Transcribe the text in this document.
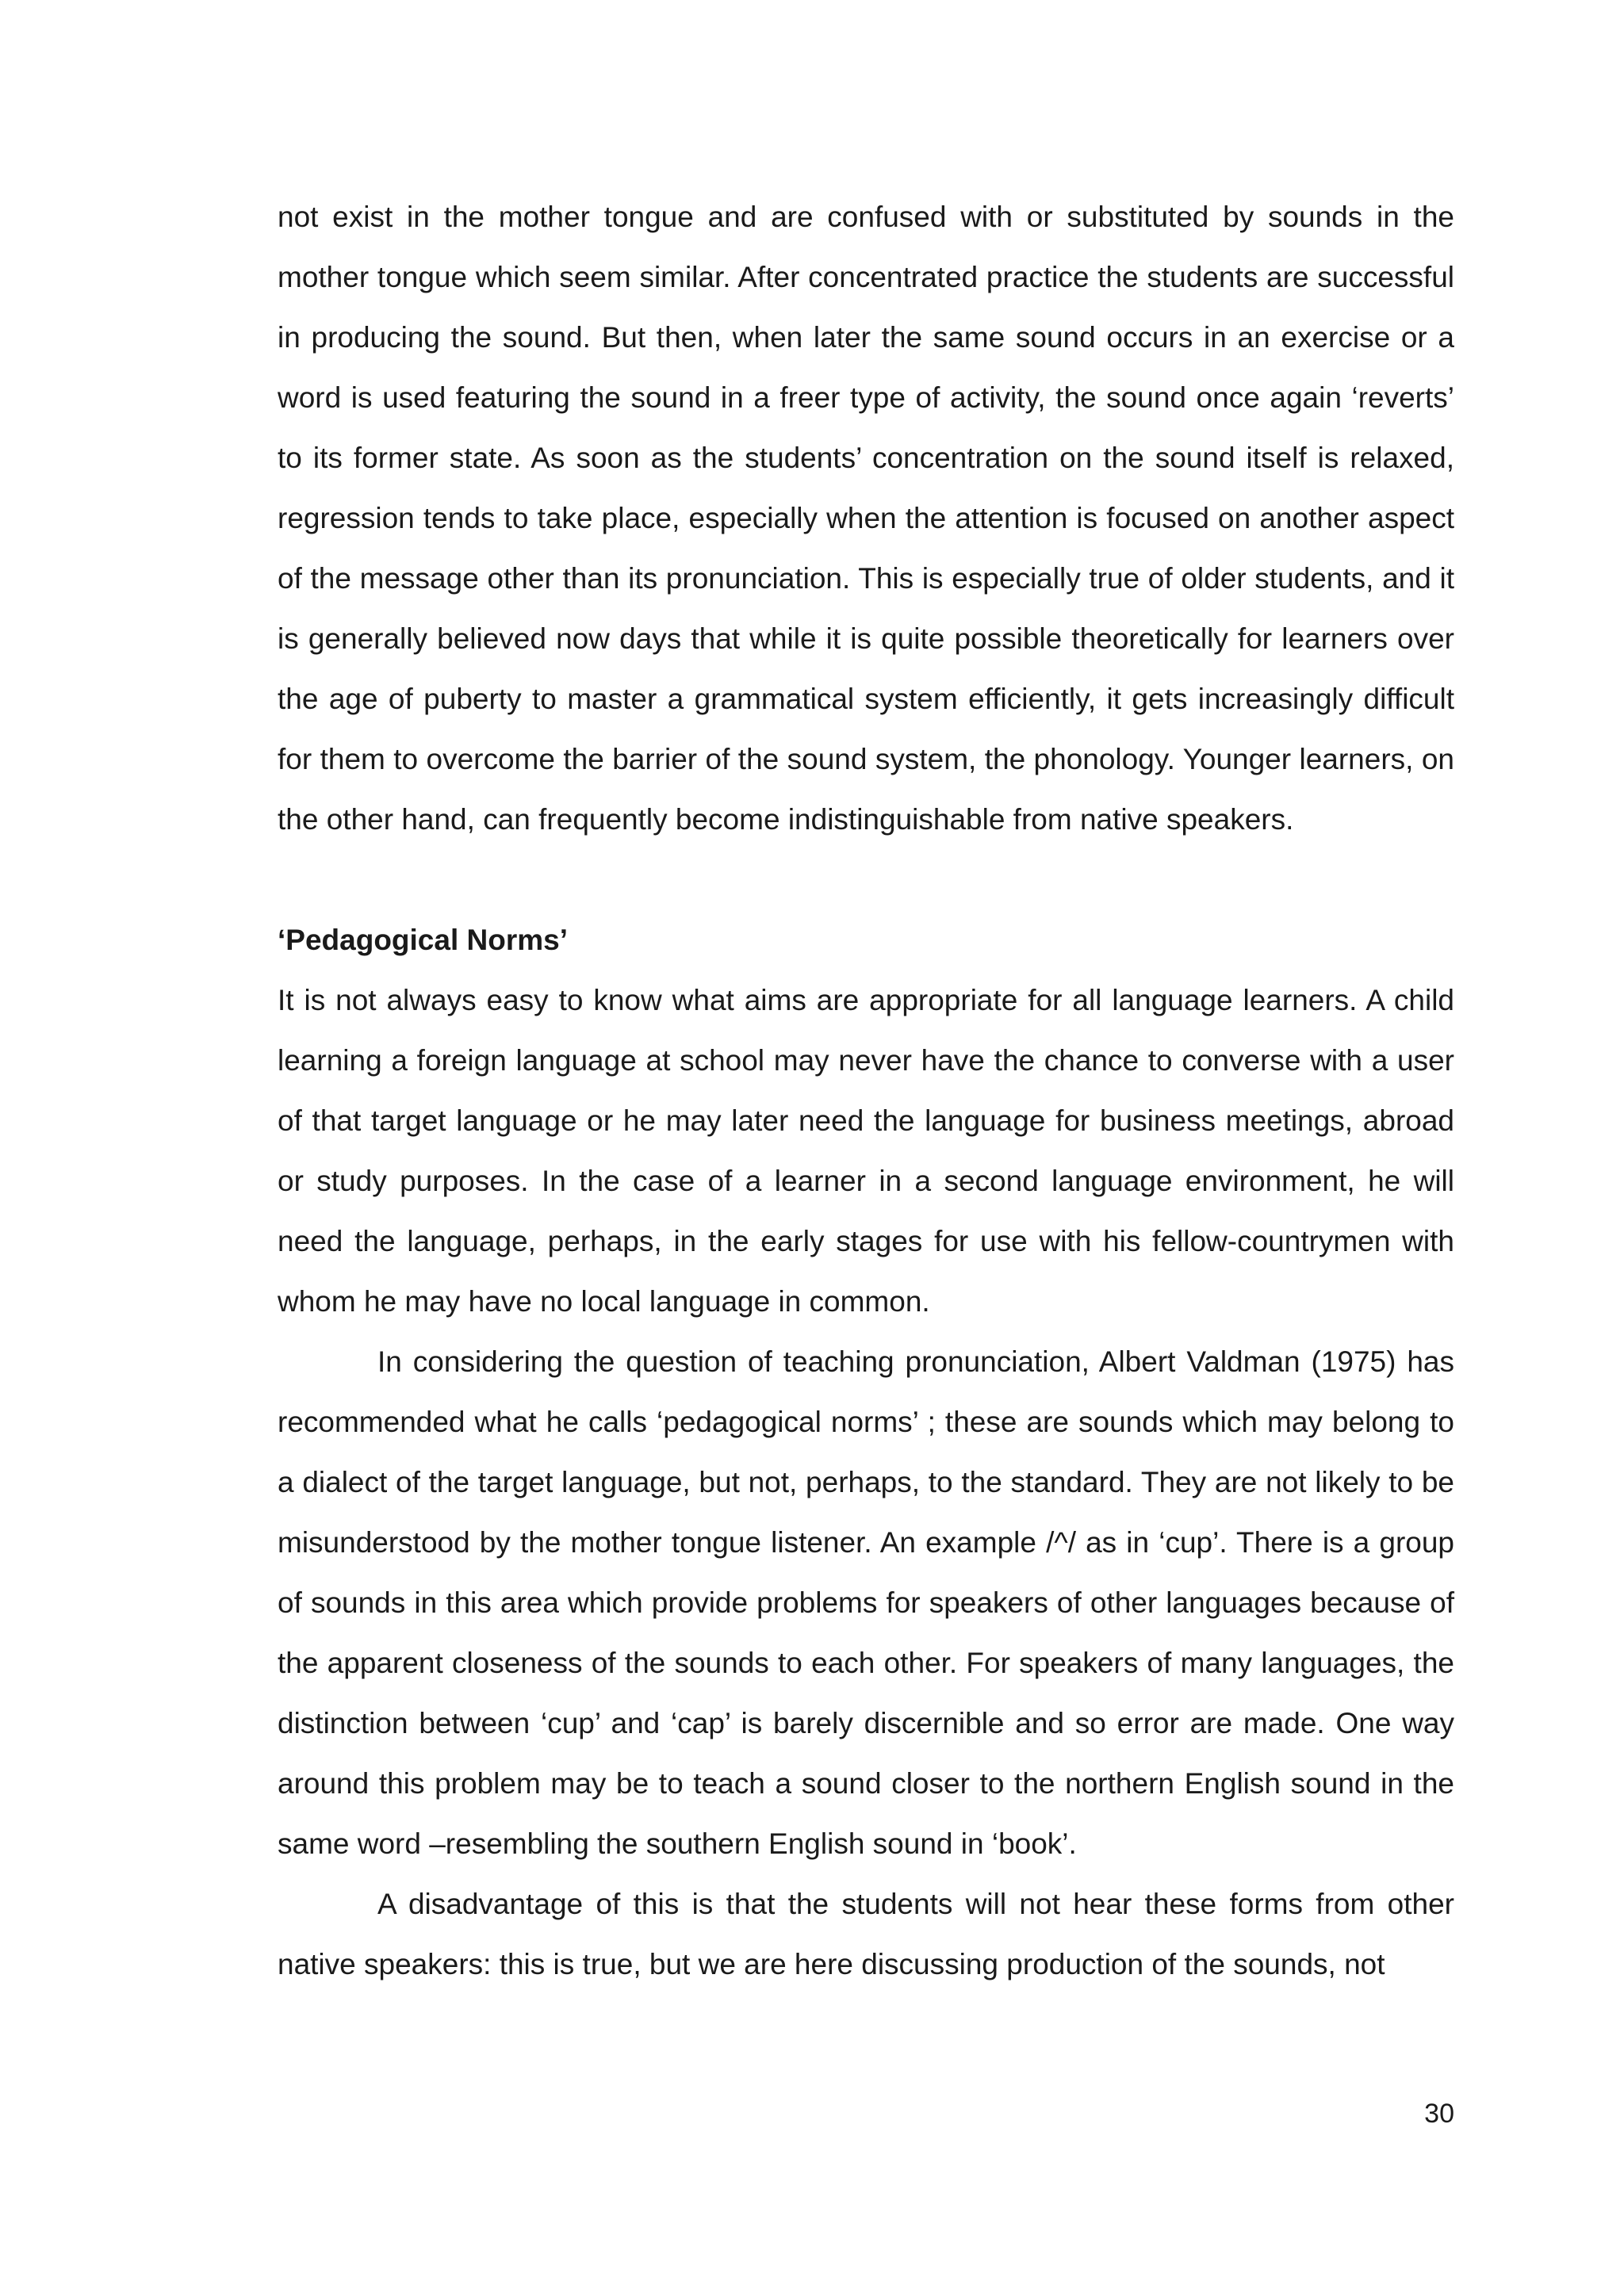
not exist in the mother tongue and are confused with or substituted by sounds in the mother tongue which seem similar. After concentrated practice the students are successful in producing the sound. But then, when later the same sound occurs in an exercise or a word is used featuring the sound in a freer type of activity, the sound once again ‘reverts’ to its former state. As soon as the students’ concentration on the sound itself is relaxed, regression tends to take place, especially when the attention is focused on another aspect of the message other than its pronunciation. This is especially true of older students, and it is generally believed now days that while it is quite possible theoretically for learners over the age of puberty to master a grammatical system efficiently, it gets increasingly difficult for them to overcome the barrier of the sound system, the phonology. Younger learners, on the other hand, can frequently become indistinguishable from native speakers.

‘Pedagogical Norms’

It is not always easy to know what aims are appropriate for all language learners. A child learning a foreign language at school may never have the chance to converse with a user of that target language or he may later need the language for business meetings, abroad or study purposes. In the case of a learner in a second language environment, he will need the language, perhaps, in the early stages for use with his fellow-countrymen with whom he may have no local language in common.

In considering the question of teaching pronunciation, Albert Valdman (1975) has recommended what he calls ‘pedagogical norms’ ; these are sounds which may belong to a dialect of the target language, but not, perhaps, to the standard. They are not likely to be misunderstood by the mother tongue listener. An example /^/ as in ‘cup’. There is a group of sounds in this area which provide problems for speakers of other languages because of the apparent closeness of the sounds to each other. For speakers of many languages, the distinction between ‘cup’ and ‘cap’ is barely discernible and so error are made. One way around this problem may be to teach a sound closer to the northern English sound in the same word –resembling the southern English sound in ‘book’.

A disadvantage of this is that the students will not hear these forms from other native speakers: this is true, but we are here discussing production of the sounds, not

30
